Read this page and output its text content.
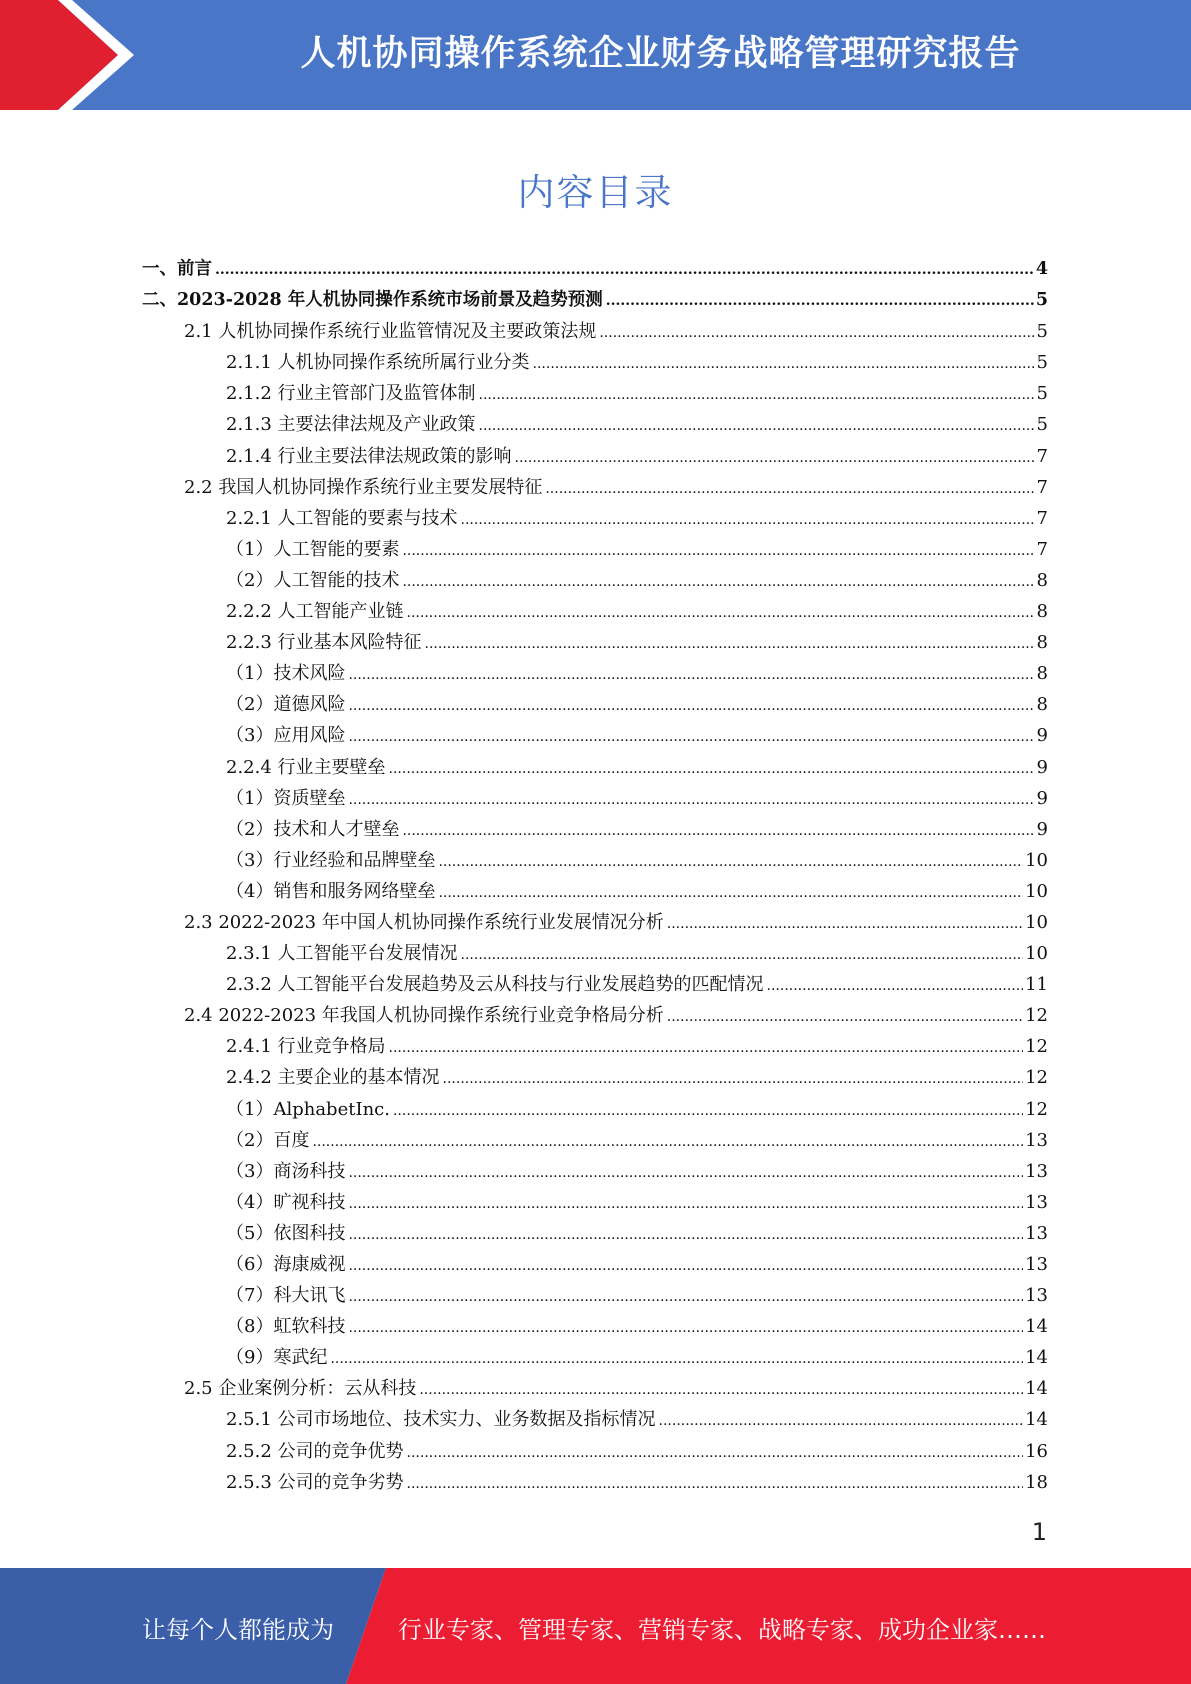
人机协同操作系统企业财务战略管理研究报告
内容目录
一、前言 .....	4
二、2023-2028 年人机协同操作系统市场前景及趋势预测 .....	5
2.1 人机协同操作系统行业监管情况及主要政策法规 .....	5
2.1.1 人机协同操作系统所属行业分类 .....	5
2.1.2 行业主管部门及监管体制 .....	5
2.1.3 主要法律法规及产业政策 .....	5
2.1.4 行业主要法律法规政策的影响 .....	7
2.2 我国人机协同操作系统行业主要发展特征 .....	7
2.2.1 人工智能的要素与技术 .....	7
（1）人工智能的要素 .....	7
（2）人工智能的技术 .....	8
2.2.2 人工智能产业链 .....	8
2.2.3 行业基本风险特征 .....	8
（1）技术风险 .....	8
（2）道德风险 .....	8
（3）应用风险 .....	9
2.2.4 行业主要壁垒 .....	9
（1）资质壁垒 .....	9
（2）技术和人才壁垒 .....	9
（3）行业经验和品牌壁垒 .....	10
（4）销售和服务网络壁垒 .....	10
2.3 2022-2023 年中国人机协同操作系统行业发展情况分析 .....	10
2.3.1 人工智能平台发展情况 .....	10
2.3.2 人工智能平台发展趋势及云从科技与行业发展趋势的匹配情况 .....	11
2.4 2022-2023 年我国人机协同操作系统行业竞争格局分析 .....	12
2.4.1 行业竞争格局 .....	12
2.4.2 主要企业的基本情况 .....	12
（1）AlphabetInc. .....	12
（2）百度 .....	13
（3）商汤科技 .....	13
（4）旷视科技 .....	13
（5）依图科技 .....	13
（6）海康威视 .....	13
（7）科大讯飞 .....	13
（8）虹软科技 .....	14
（9）寒武纪 .....	14
2.5 企业案例分析：云从科技 .....	14
2.5.1 公司市场地位、技术实力、业务数据及指标情况 .....	14
2.5.2 公司的竞争优势 .....	16
2.5.3 公司的竞争劣势 .....	18
1
让每个人都能成为	行业专家、管理专家、营销专家、战略专家、成功企业家……
